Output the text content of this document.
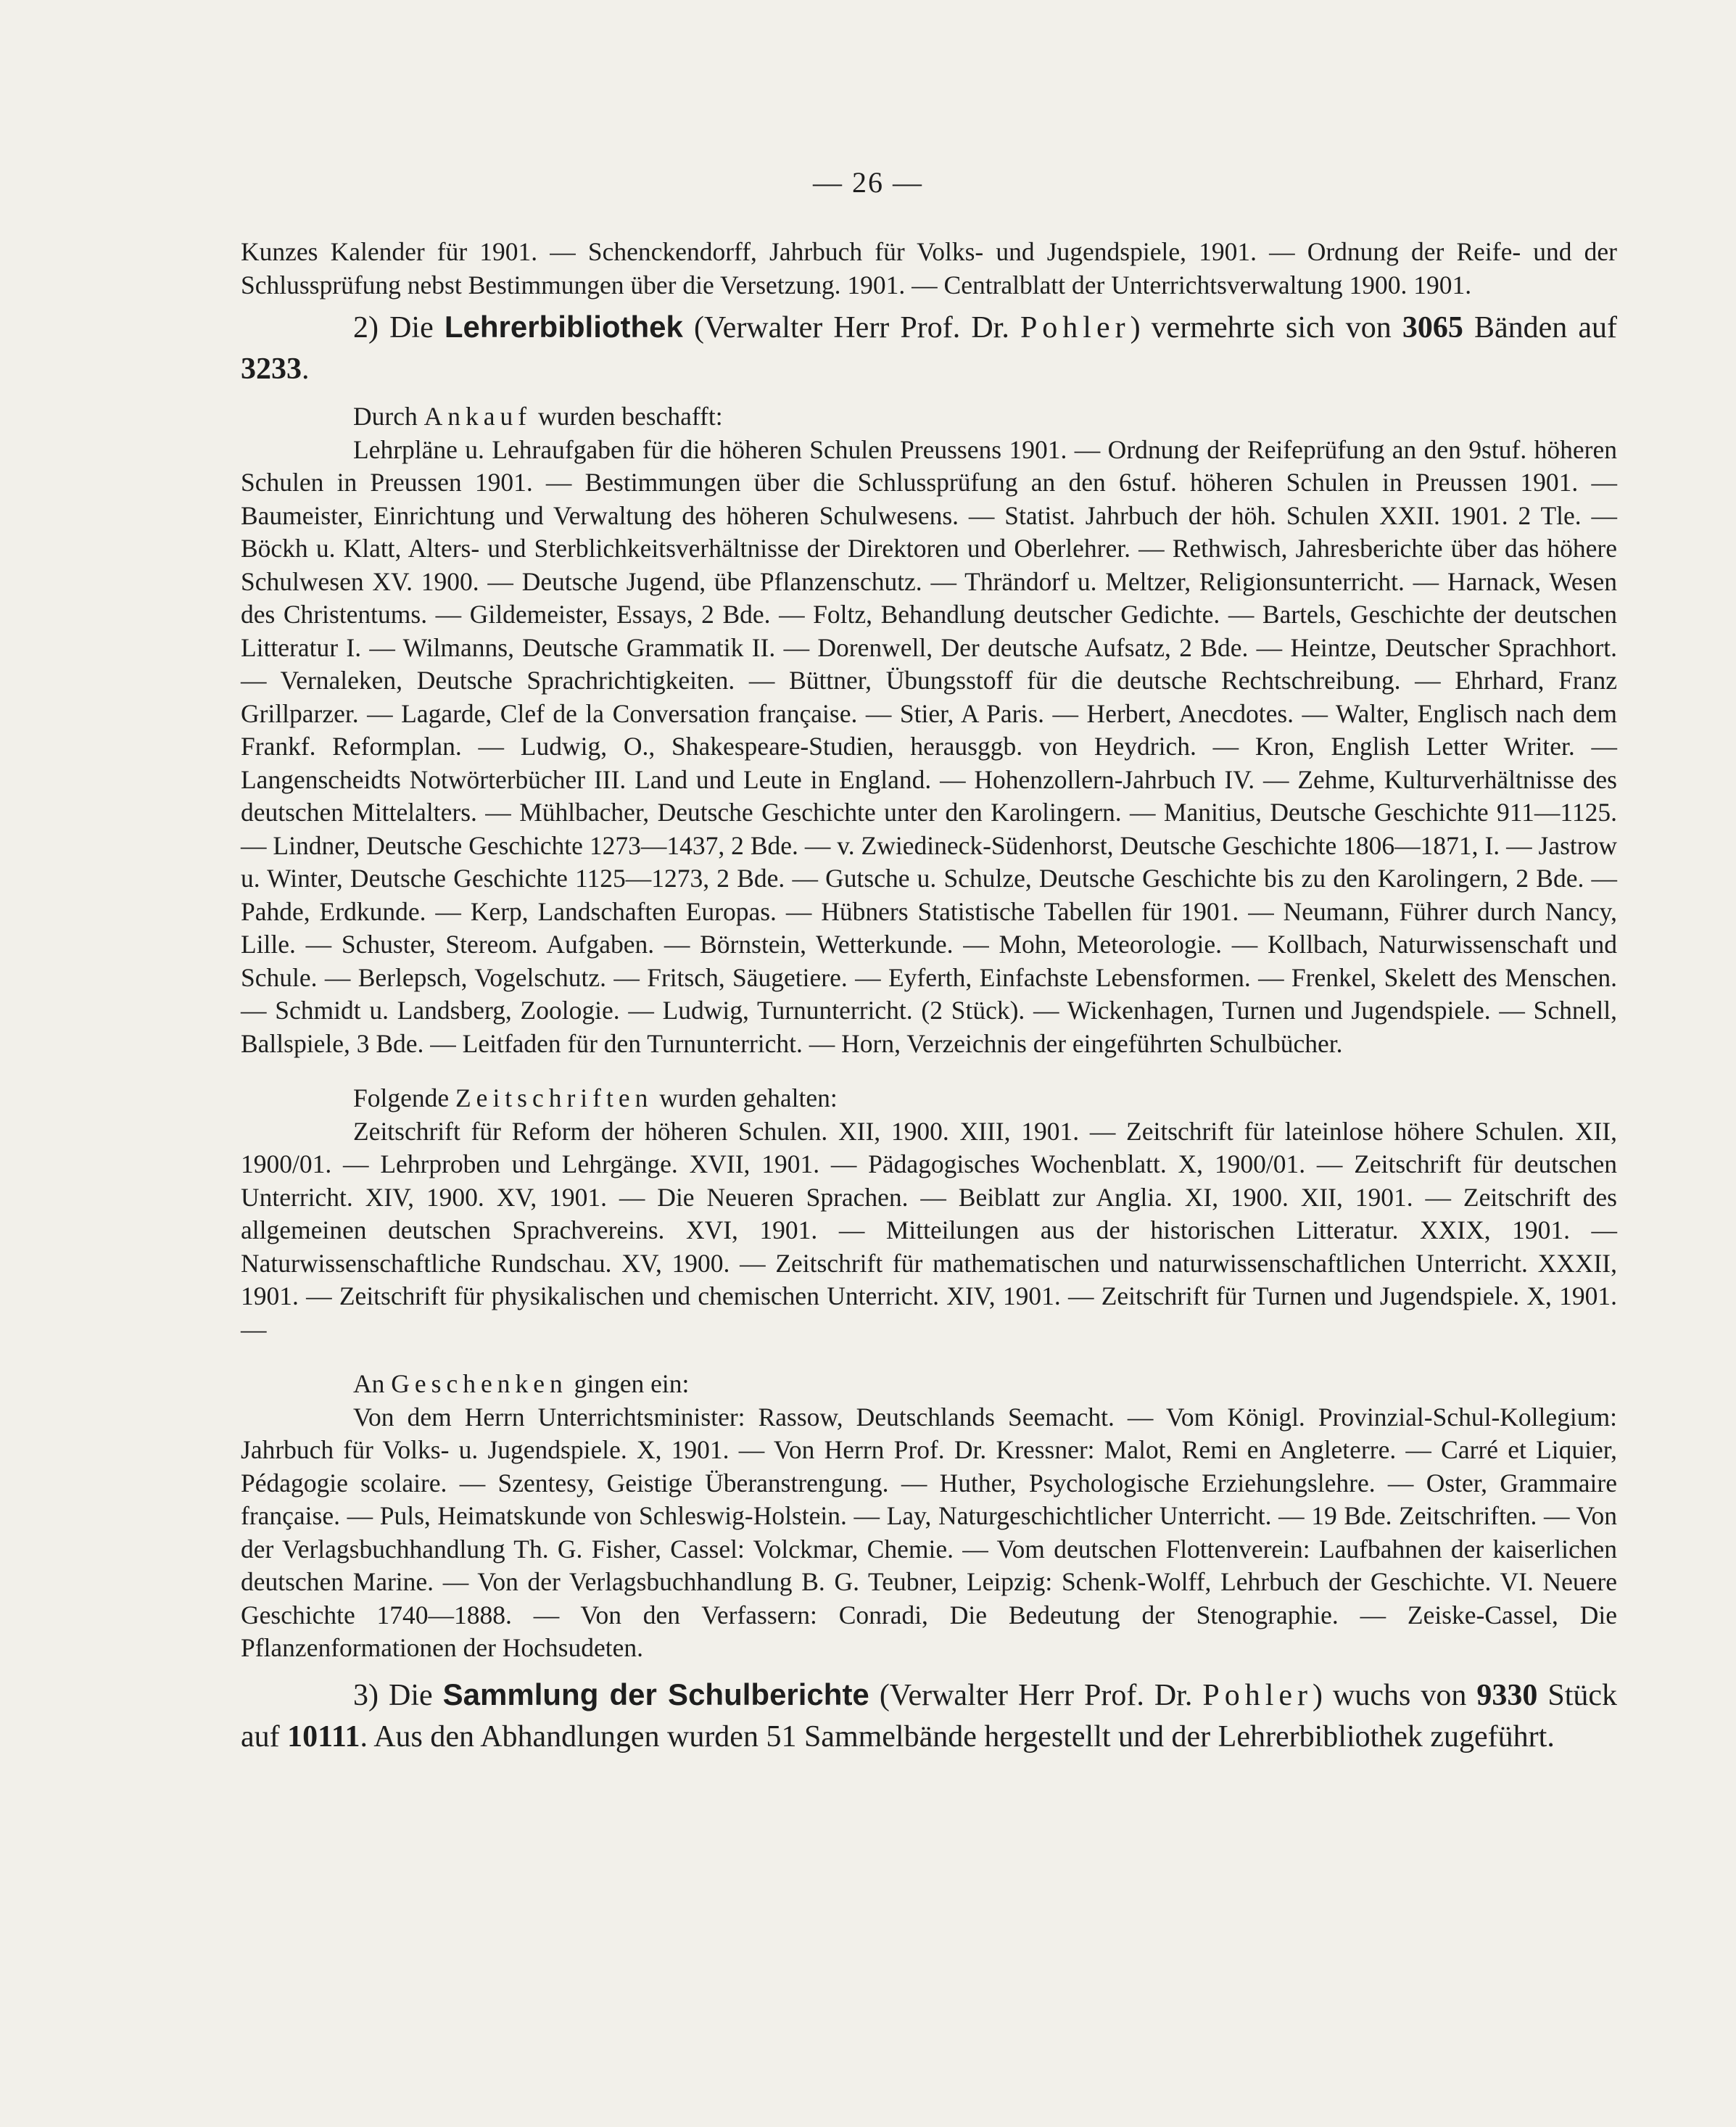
— 26 —

Kunzes Kalender für 1901. — Schenckendorff, Jahrbuch für Volks- und Jugendspiele, 1901. — Ordnung der Reife- und der Schlussprüfung nebst Bestimmungen über die Versetzung. 1901. — Centralblatt der Unterrichtsverwaltung 1900. 1901.

2) Die Lehrerbibliothek (Verwalter Herr Prof. Dr. Pohler) vermehrte sich von 3065 Bänden auf 3233.

Durch Ankauf wurden beschafft:

Lehrpläne u. Lehraufgaben für die höheren Schulen Preussens 1901. — Ordnung der Reifeprüfung an den 9stuf. höheren Schulen in Preussen 1901. — Bestimmungen über die Schlussprüfung an den 6stuf. höheren Schulen in Preussen 1901. — Baumeister, Einrichtung und Verwaltung des höheren Schulwesens. — Statist. Jahrbuch der höh. Schulen XXII. 1901. 2 Tle. — Böckh u. Klatt, Alters- und Sterblichkeitsverhältnisse der Direktoren und Oberlehrer. — Rethwisch, Jahresberichte über das höhere Schulwesen XV. 1900. — Deutsche Jugend, übe Pflanzenschutz. — Thrändorf u. Meltzer, Religionsunterricht. — Harnack, Wesen des Christentums. — Gildemeister, Essays, 2 Bde. — Foltz, Behandlung deutscher Gedichte. — Bartels, Geschichte der deutschen Litteratur I. — Wilmanns, Deutsche Grammatik II. — Dorenwell, Der deutsche Aufsatz, 2 Bde. — Heintze, Deutscher Sprachhort. — Vernaleken, Deutsche Sprachrichtigkeiten. — Büttner, Übungsstoff für die deutsche Rechtschreibung. — Ehrhard, Franz Grillparzer. — Lagarde, Clef de la Conversation française. — Stier, A Paris. — Herbert, Anecdotes. — Walter, Englisch nach dem Frankf. Reformplan. — Ludwig, O., Shakespeare-Studien, herausggb. von Heydrich. — Kron, English Letter Writer. — Langenscheidts Notwörterbücher III. Land und Leute in England. — Hohenzollern-Jahrbuch IV. — Zehme, Kulturverhältnisse des deutschen Mittelalters. — Mühlbacher, Deutsche Geschichte unter den Karolingern. — Manitius, Deutsche Geschichte 911—1125. — Lindner, Deutsche Geschichte 1273—1437, 2 Bde. — v. Zwiedineck-Südenhorst, Deutsche Geschichte 1806—1871, I. — Jastrow u. Winter, Deutsche Geschichte 1125—1273, 2 Bde. — Gutsche u. Schulze, Deutsche Geschichte bis zu den Karolingern, 2 Bde. — Pahde, Erdkunde. — Kerp, Landschaften Europas. — Hübners Statistische Tabellen für 1901. — Neumann, Führer durch Nancy, Lille. — Schuster, Stereom. Aufgaben. — Börnstein, Wetterkunde. — Mohn, Meteorologie. — Kollbach, Naturwissenschaft und Schule. — Berlepsch, Vogelschutz. — Fritsch, Säugetiere. — Eyferth, Einfachste Lebensformen. — Frenkel, Skelett des Menschen. — Schmidt u. Landsberg, Zoologie. — Ludwig, Turnunterricht. (2 Stück). — Wickenhagen, Turnen und Jugendspiele. — Schnell, Ballspiele, 3 Bde. — Leitfaden für den Turnunterricht. — Horn, Verzeichnis der eingeführten Schulbücher.

Folgende Zeitschriften wurden gehalten:

Zeitschrift für Reform der höheren Schulen. XII, 1900. XIII, 1901. — Zeitschrift für lateinlose höhere Schulen. XII, 1900/01. — Lehrproben und Lehrgänge. XVII, 1901. — Pädagogisches Wochenblatt. X, 1900/01. — Zeitschrift für deutschen Unterricht. XIV, 1900. XV, 1901. — Die Neueren Sprachen. — Beiblatt zur Anglia. XI, 1900. XII, 1901. — Zeitschrift des allgemeinen deutschen Sprachvereins. XVI, 1901. — Mitteilungen aus der historischen Litteratur. XXIX, 1901. — Naturwissenschaftliche Rundschau. XV, 1900. — Zeitschrift für mathematischen und naturwissenschaftlichen Unterricht. XXXII, 1901. — Zeitschrift für physikalischen und chemischen Unterricht. XIV, 1901. — Zeitschrift für Turnen und Jugendspiele. X, 1901. —

An Geschenken gingen ein:

Von dem Herrn Unterrichtsminister: Rassow, Deutschlands Seemacht. — Vom Königl. Provinzial-Schul-Kollegium: Jahrbuch für Volks- u. Jugendspiele. X, 1901. — Von Herrn Prof. Dr. Kressner: Malot, Remi en Angleterre. — Carré et Liquier, Pédagogie scolaire. — Szentesy, Geistige Überanstrengung. — Huther, Psychologische Erziehungslehre. — Oster, Grammaire française. — Puls, Heimatskunde von Schleswig-Holstein. — Lay, Naturgeschichtlicher Unterricht. — 19 Bde. Zeitschriften. — Von der Verlagsbuchhandlung Th. G. Fisher, Cassel: Volckmar, Chemie. — Vom deutschen Flottenverein: Laufbahnen der kaiserlichen deutschen Marine. — Von der Verlagsbuchhandlung B. G. Teubner, Leipzig: Schenk-Wolff, Lehrbuch der Geschichte. VI. Neuere Geschichte 1740—1888. — Von den Verfassern: Conradi, Die Bedeutung der Stenographie. — Zeiske-Cassel, Die Pflanzenformationen der Hochsudeten.

3) Die Sammlung der Schulberichte (Verwalter Herr Prof. Dr. Pohler) wuchs von 9330 Stück auf 10111. Aus den Abhandlungen wurden 51 Sammelbände hergestellt und der Lehrerbibliothek zugeführt.
